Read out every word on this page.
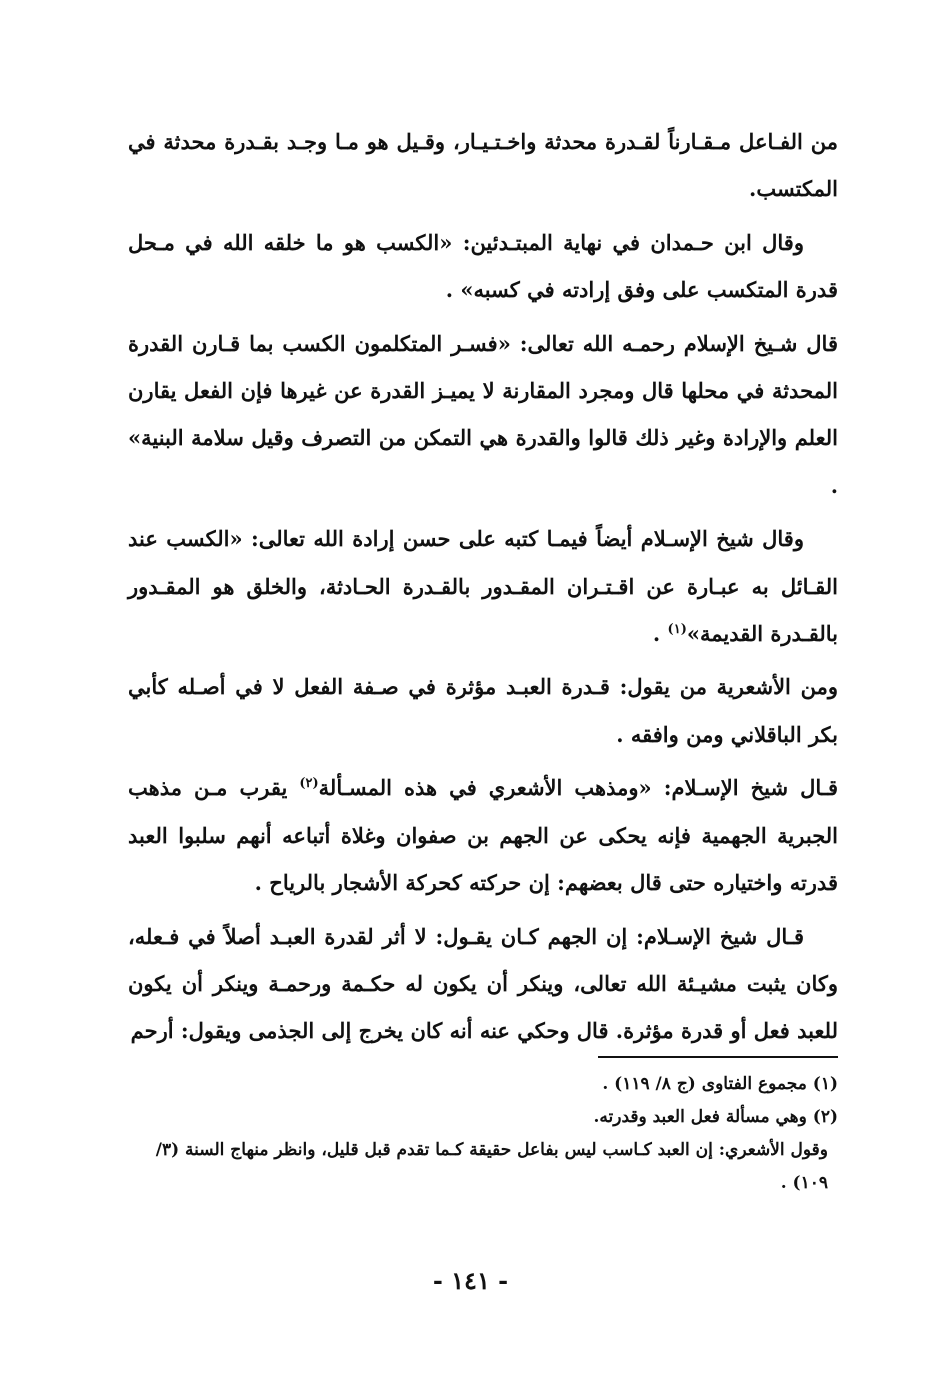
من الفـاعل مـقـارناً لقـدرة محدثة واخـتـيـار، وقـيل هو مـا وجـد بقـدرة محدثة في المكتسب.

وقال ابن حـمدان في نهاية المبتـدئين: «الكسب هو ما خلقه الله في مـحل قدرة المتكسب على وفق إرادته في كسبه» .

قال شـيخ الإسلام رحمـه الله تعالى: «فسـر المتكلمون الكسب بما قـارن القدرة المحدثة في محلها قال ومجرد المقارنة لا يميـز القدرة عن غيرها فإن الفعل يقارن العلم والإرادة وغير ذلك قالوا والقدرة هي التمكن من التصرف وقيل سلامة البنية» .

وقال شيخ الإسـلام أيضاً فيمـا كتبه على حسن إرادة الله تعالى: «الكسب عند القـائل به عبـارة عن اقـتـران المقـدور بالقـدرة الحـادثة، والخلق هو المقـدور بالقـدرة القديمة»$^{(١)}$ .

ومن الأشعرية من يقول: قـدرة العبـد مؤثرة في صـفة الفعل لا في أصـله كأبي بكر الباقلاني ومن وافقه .

قـال شيخ الإسـلام: «ومذهب الأشعري في هذه المسـألة$^{(٢)}$ يقرب مـن مذهب الجبرية الجهمية فإنه يحكى عن الجهم بن صفوان وغلاة أتباعه أنهم سلبوا العبد قدرته واختياره حتى قال بعضهم: إن حركته كحركة الأشجار بالرياح .

قـال شيخ الإسـلام: إن الجهم كـان يقـول: لا أثر لقدرة العبـد أصلاً في فـعله، وكان يثبت مشيـئة الله تعالى، وينكر أن يكون له حكـمة ورحمـة وينكر أن يكون للعبد فعل أو قدرة مؤثرة. قال وحكي عنه أنه كان يخرج إلى الجذمى ويقول: أرحم

(١) مجموع الفتاوى (ج ٨/ ١١٩) .

(٢) وهي مسألة فعل العبد وقدرته.

وقول الأشعري: إن العبد كـاسب ليس بفاعل حقيقة كـما تقدم قبل قليل، وانظر منهاج السنة (٣/ ١٠٩) .

- ١٤١ -
